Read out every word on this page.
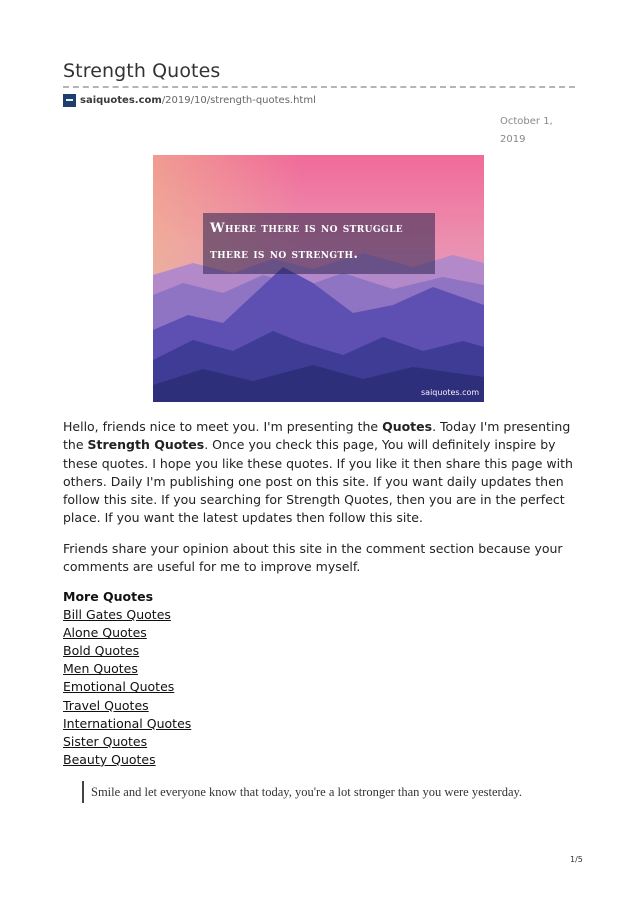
Strength Quotes
saiquotes.com /2019/10/strength-quotes.html
October 1,
2019
Where there is no struggle
there is no strength.
saiquotes.com

Hello, friends nice to meet you. I'm presenting the Quotes. Today I'm presenting the Strength Quotes. Once you check this page, You will definitely inspire by these quotes. I hope you like these quotes. If you like it then share this page with others. Daily I'm publishing one post on this site. If you want daily updates then follow this site. If you searching for Strength Quotes, then you are in the perfect place. If you want the latest updates then follow this site.

Friends share your opinion about this site in the comment section because your comments are useful for me to improve myself.

More Quotes
Bill Gates Quotes
Alone Quotes
Bold Quotes
Men Quotes
Emotional Quotes
Travel Quotes
International Quotes
Sister Quotes
Beauty Quotes
Smile and let everyone know that today, you're a lot stronger than you were yesterday.
1/5
